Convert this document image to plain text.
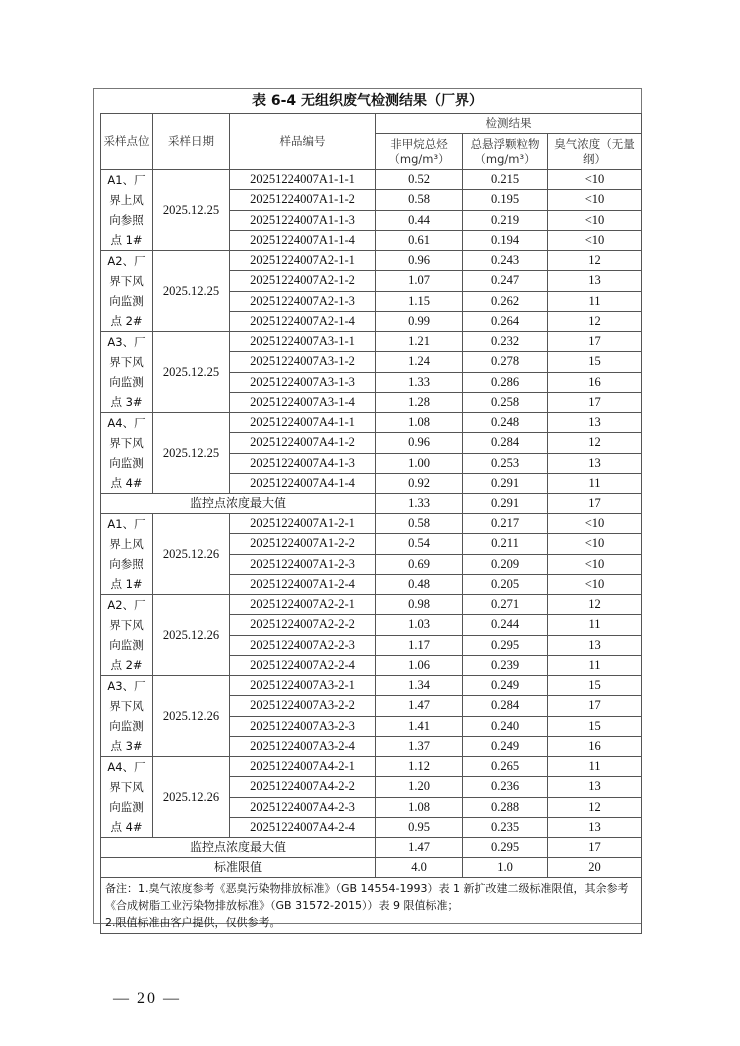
表 6-4 无组织废气检测结果（厂界）
采样点位	采样日期	样品编号	检测结果		
			非甲烷总烃（mg/m³）	总悬浮颗粒物（mg/m³）	臭气浓度（无量纲）
A1、厂界上风向参照点 1#	2025.12.25	20251224007A1-1-1	0.52	0.215	<10
		20251224007A1-1-2	0.58	0.195	<10
		20251224007A1-1-3	0.44	0.219	<10
		20251224007A1-1-4	0.61	0.194	<10
A2、厂界下风向监测点 2#	2025.12.25	20251224007A2-1-1	0.96	0.243	12
		20251224007A2-1-2	1.07	0.247	13
		20251224007A2-1-3	1.15	0.262	11
		20251224007A2-1-4	0.99	0.264	12
A3、厂界下风向监测点 3#	2025.12.25	20251224007A3-1-1	1.21	0.232	17
		20251224007A3-1-2	1.24	0.278	15
		20251224007A3-1-3	1.33	0.286	16
		20251224007A3-1-4	1.28	0.258	17
A4、厂界下风向监测点 4#	2025.12.25	20251224007A4-1-1	1.08	0.248	13
		20251224007A4-1-2	0.96	0.284	12
		20251224007A4-1-3	1.00	0.253	13
		20251224007A4-1-4	0.92	0.291	11
监控点浓度最大值			1.33	0.291	17
A1、厂界上风向参照点 1#	2025.12.26	20251224007A1-2-1	0.58	0.217	<10
		20251224007A1-2-2	0.54	0.211	<10
		20251224007A1-2-3	0.69	0.209	<10
		20251224007A1-2-4	0.48	0.205	<10
A2、厂界下风向监测点 2#	2025.12.26	20251224007A2-2-1	0.98	0.271	12
		20251224007A2-2-2	1.03	0.244	11
		20251224007A2-2-3	1.17	0.295	13
		20251224007A2-2-4	1.06	0.239	11
A3、厂界下风向监测点 3#	2025.12.26	20251224007A3-2-1	1.34	0.249	15
		20251224007A3-2-2	1.47	0.284	17
		20251224007A3-2-3	1.41	0.240	15
		20251224007A3-2-4	1.37	0.249	16
A4、厂界下风向监测点 4#	2025.12.26	20251224007A4-2-1	1.12	0.265	11
		20251224007A4-2-2	1.20	0.236	13
		20251224007A4-2-3	1.08	0.288	12
		20251224007A4-2-4	0.95	0.235	13
监控点浓度最大值			1.47	0.295	17
标准限值			4.0	1.0	20

备注：1.臭气浓度参考《恶臭污染物排放标准》（GB 14554-1993）表 1 新扩改建二级标准限值，其余参考《合成树脂工业污染物排放标准》（GB 31572-2015））表 9 限值标准；
2.限值标准由客户提供，仅供参考。					
— 20 —
